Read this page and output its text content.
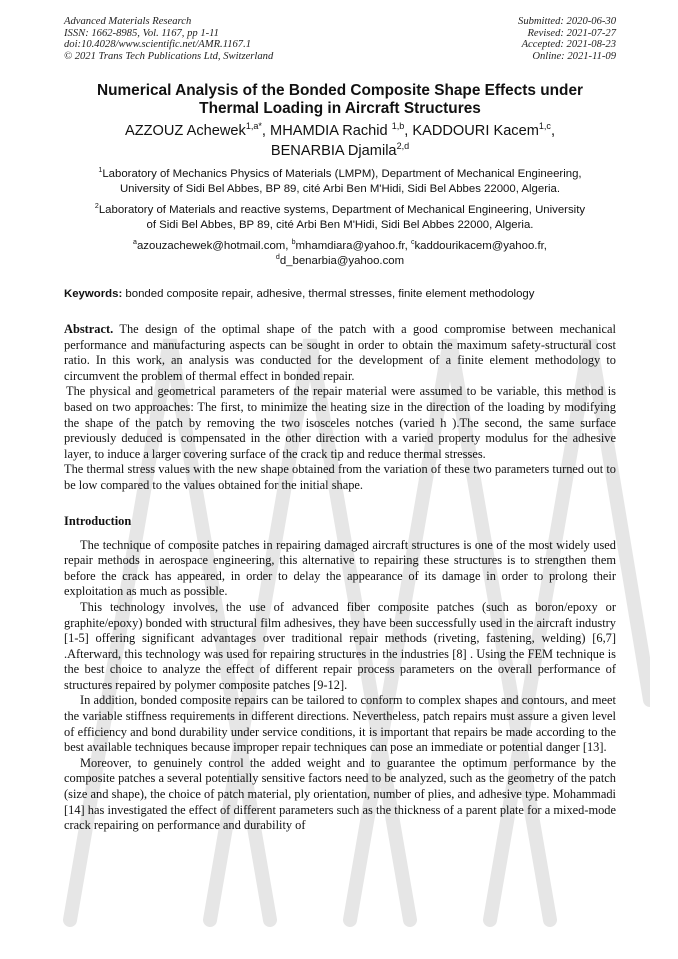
Advanced Materials Research
ISSN: 1662-8985, Vol. 1167, pp 1-11
doi:10.4028/www.scientific.net/AMR.1167.1
© 2021 Trans Tech Publications Ltd, Switzerland
Submitted: 2020-06-30
Revised: 2021-07-27
Accepted: 2021-08-23
Online: 2021-11-09
Numerical Analysis of the Bonded Composite Shape Effects under
Thermal Loading in Aircraft Structures
AZZOUZ Achewek$^{1,a*}$, MHAMDIA Rachid $^{1,b}$, KADDOURI Kacem$^{1,c}$,
BENARBIA Djamila$^{2,d}$
$^1$Laboratory of Mechanics Physics of Materials (LMPM), Department of Mechanical Engineering,
University of Sidi Bel Abbes, BP 89, cité Arbi Ben M'Hidi, Sidi Bel Abbes 22000, Algeria.
$^2$Laboratory of Materials and reactive systems, Department of Mechanical Engineering, University
of Sidi Bel Abbes, BP 89, cité Arbi Ben M'Hidi, Sidi Bel Abbes 22000, Algeria.
$^a$azouzachewek@hotmail.com, $^b$mhamdiara@yahoo.fr, $^c$kaddourikacem@yahoo.fr,
$^d$d_benarbia@yahoo.com
Keywords: bonded composite repair, adhesive, thermal stresses, finite element methodology

Abstract. The design of the optimal shape of the patch with a good compromise between mechanical performance and manufacturing aspects can be sought in order to obtain the maximum safety-structural cost ratio. In this work, an analysis was conducted for the development of a finite element methodology to circumvent the problem of thermal effect in bonded repair.

The physical and geometrical parameters of the repair material were assumed to be variable, this method is based on two approaches: The first, to minimize the heating size in the direction of the loading by modifying the shape of the patch by removing the two isosceles notches (varied h ).The second, the same surface previously deduced is compensated in the other direction with a varied property modulus for the adhesive layer, to induce a larger covering surface of the crack tip and reduce thermal stresses.

The thermal stress values with the new shape obtained from the variation of these two parameters turned out to be low compared to the values obtained for the initial shape.

Introduction

The technique of composite patches in repairing damaged aircraft structures is one of the most widely used repair methods in aerospace engineering, this alternative to repairing these structures is to strengthen them before the crack has appeared, in order to delay the appearance of its damage in order to prolong their exploitation as much as possible.

This technology involves, the use of advanced fiber composite patches (such as boron/epoxy or graphite/epoxy) bonded with structural film adhesives, they have been successfully used in the aircraft industry [1-5] offering significant advantages over traditional repair methods (riveting, fastening, welding) [6,7] .Afterward, this technology was used for repairing structures in the industries [8] . Using the FEM technique is the best choice to analyze the effect of different repair process parameters on the overall performance of structures repaired by polymer composite patches [9-12].

In addition, bonded composite repairs can be tailored to conform to complex shapes and contours, and meet the variable stiffness requirements in different directions. Nevertheless, patch repairs must assure a given level of efficiency and bond durability under service conditions, it is important that repairs be made according to the best available techniques because improper repair techniques can pose an immediate or potential danger [13].

Moreover, to genuinely control the added weight and to guarantee the optimum performance by the composite patches a several potentially sensitive factors need to be analyzed, such as the geometry of the patch (size and shape), the choice of patch material, ply orientation, number of plies, and adhesive type. Mohammadi [14] has investigated the effect of different parameters such as the thickness of a parent plate for a mixed-mode crack repairing on performance and durability of
